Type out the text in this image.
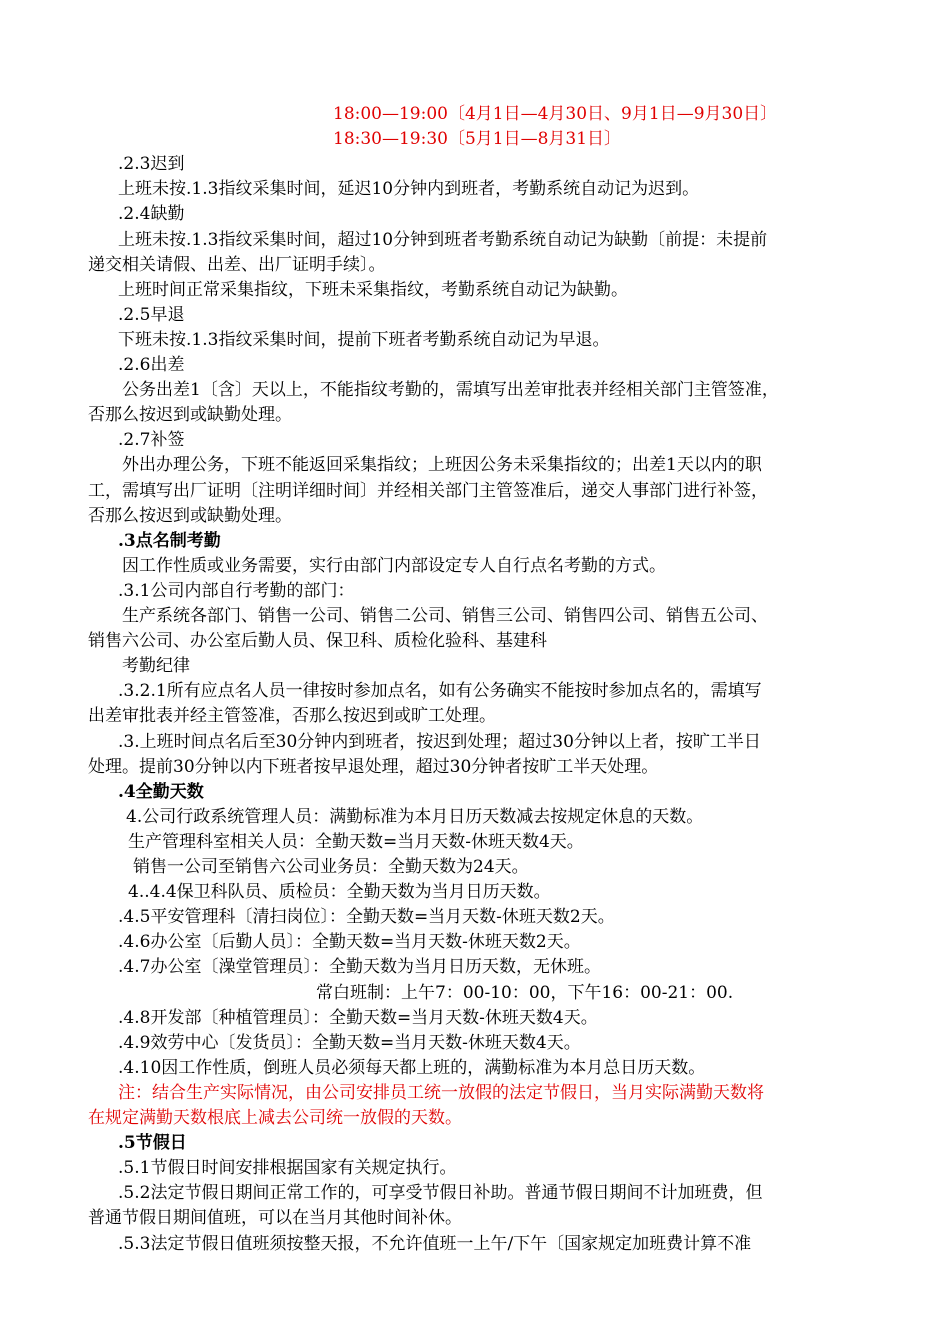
18:00—19:00〔4月1日—4月30日、9月1日—9月30日〕
18:30—19:30〔5月1日—8月31日〕
.2.3迟到
上班未按.1.3指纹采集时间，延迟10分钟内到班者，考勤系统自动记为迟到。
.2.4缺勤
上班未按.1.3指纹采集时间，超过10分钟到班者考勤系统自动记为缺勤〔前提：未提前
递交相关请假、出差、出厂证明手续〕。
上班时间正常采集指纹，下班未采集指纹，考勤系统自动记为缺勤。
.2.5早退
下班未按.1.3指纹采集时间，提前下班者考勤系统自动记为早退。
.2.6出差
公务出差1〔含〕天以上，不能指纹考勤的，需填写出差审批表并经相关部门主管签准，
否那么按迟到或缺勤处理。
.2.7补签
外出办理公务，下班不能返回采集指纹；上班因公务未采集指纹的；出差1天以内的职
工，需填写出厂证明〔注明详细时间〕并经相关部门主管签准后，递交人事部门进行补签，
否那么按迟到或缺勤处理。
.3点名制考勤
因工作性质或业务需要，实行由部门内部设定专人自行点名考勤的方式。
.3.1公司内部自行考勤的部门：
生产系统各部门、销售一公司、销售二公司、销售三公司、销售四公司、销售五公司、
销售六公司、办公室后勤人员、保卫科、质检化验科、基建科
考勤纪律
.3.2.1所有应点名人员一律按时参加点名，如有公务确实不能按时参加点名的，需填写
出差审批表并经主管签准，否那么按迟到或旷工处理。
.3.上班时间点名后至30分钟内到班者，按迟到处理；超过30分钟以上者，按旷工半日
处理。提前30分钟以内下班者按早退处理，超过30分钟者按旷工半天处理。
.4全勤天数
4.公司行政系统管理人员：满勤标准为本月日历天数减去按规定休息的天数。
生产管理科室相关人员：全勤天数=当月天数-休班天数4天。
销售一公司至销售六公司业务员：全勤天数为24天。
4..4.4保卫科队员、质检员：全勤天数为当月日历天数。
.4.5平安管理科〔清扫岗位〕：全勤天数=当月天数-休班天数2天。
.4.6办公室〔后勤人员〕：全勤天数=当月天数-休班天数2天。
.4.7办公室〔澡堂管理员〕：全勤天数为当月日历天数，无休班。
常白班制：上午7：00-10：00，下午16：00-21：00.
.4.8开发部〔种植管理员〕：全勤天数=当月天数-休班天数4天。
.4.9效劳中心〔发货员〕：全勤天数=当月天数-休班天数4天。
.4.10因工作性质，倒班人员必须每天都上班的，满勤标准为本月总日历天数。
注：结合生产实际情况，由公司安排员工统一放假的法定节假日，当月实际满勤天数将
在规定满勤天数根底上减去公司统一放假的天数。
.5节假日
.5.1节假日时间安排根据国家有关规定执行。
.5.2法定节假日期间正常工作的，可享受节假日补助。普通节假日期间不计加班费，但
普通节假日期间值班，可以在当月其他时间补休。
.5.3法定节假日值班须按整天报，不允许值班一上午/下午〔国家规定加班费计算不准
